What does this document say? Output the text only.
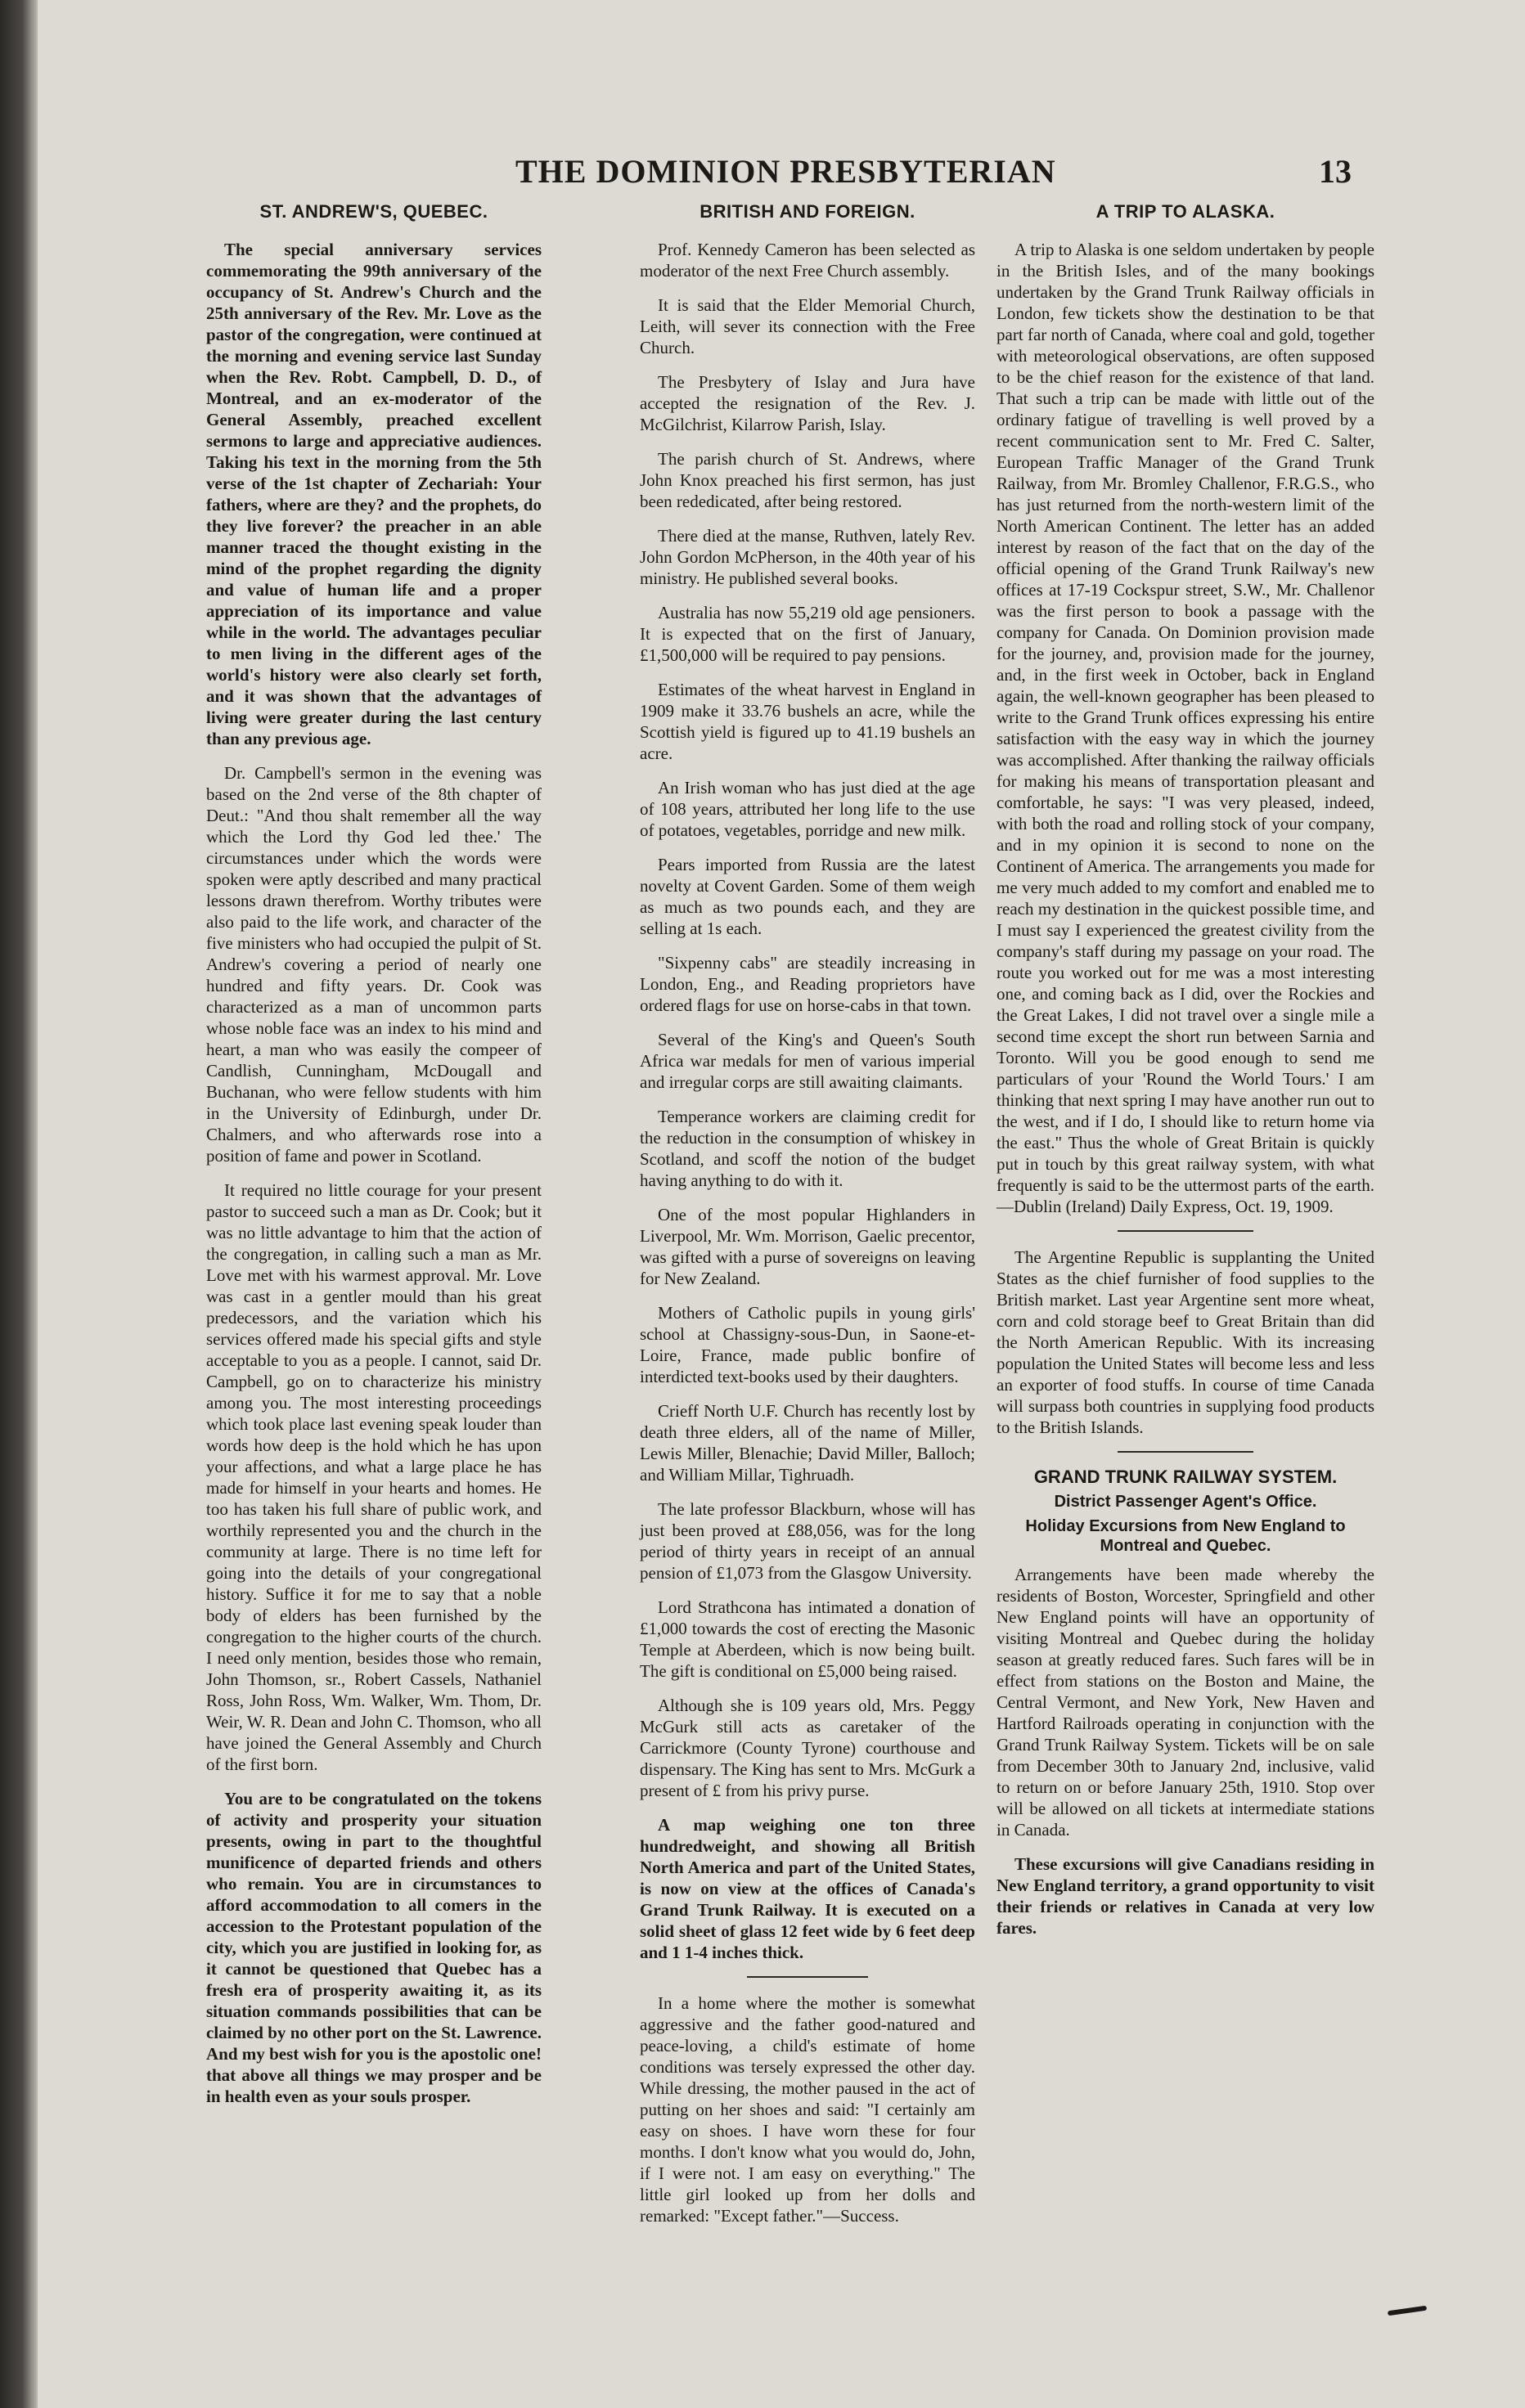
THE DOMINION PRESBYTERIAN	13
ST. ANDREW'S, QUEBEC.

The special anniversary services commemorating the 99th anniversary of the occupancy of St. Andrew's Church and the 25th anniversary of the Rev. Mr. Love as the pastor of the congregation, were continued at the morning and evening service last Sunday when the Rev. Robt. Campbell, D. D., of Montreal, and an ex-moderator of the General Assembly, preached excellent sermons to large and appreciative audiences. Taking his text in the morning from the 5th verse of the 1st chapter of Zechariah: Your fathers, where are they? and the prophets, do they live forever? the preacher in an able manner traced the thought existing in the mind of the prophet regarding the dignity and value of human life and a proper appreciation of its importance and value while in the world. The advantages peculiar to men living in the different ages of the world's history were also clearly set forth, and it was shown that the advantages of living were greater during the last century than any previous age.

Dr. Campbell's sermon in the evening was based on the 2nd verse of the 8th chapter of Deut.: "And thou shalt remember all the way which the Lord thy God led thee.' The circumstances under which the words were spoken were aptly described and many practical lessons drawn therefrom. Worthy tributes were also paid to the life work, and character of the five ministers who had occupied the pulpit of St. Andrew's covering a period of nearly one hundred and fifty years. Dr. Cook was characterized as a man of uncommon parts whose noble face was an index to his mind and heart, a man who was easily the compeer of Candlish, Cunningham, McDougall and Buchanan, who were fellow students with him in the University of Edinburgh, under Dr. Chalmers, and who afterwards rose into a position of fame and power in Scotland.

It required no little courage for your present pastor to succeed such a man as Dr. Cook; but it was no little advantage to him that the action of the congregation, in calling such a man as Mr. Love met with his warmest approval. Mr. Love was cast in a gentler mould than his great predecessors, and the variation which his services offered made his special gifts and style acceptable to you as a people. I cannot, said Dr. Campbell, go on to characterize his ministry among you. The most interesting proceedings which took place last evening speak louder than words how deep is the hold which he has upon your affections, and what a large place he has made for himself in your hearts and homes. He too has taken his full share of public work, and worthily represented you and the church in the community at large. There is no time left for going into the details of your congregational history. Suffice it for me to say that a noble body of elders has been furnished by the congregation to the higher courts of the church. I need only mention, besides those who remain, John Thomson, sr., Robert Cassels, Nathaniel Ross, John Ross, Wm. Walker, Wm. Thom, Dr. Weir, W. R. Dean and John C. Thomson, who all have joined the General Assembly and Church of the first born.

You are to be congratulated on the tokens of activity and prosperity your situation presents, owing in part to the thoughtful munificence of departed friends and others who remain. You are in circumstances to afford accommodation to all comers in the accession to the Protestant population of the city, which you are justified in looking for, as it cannot be questioned that Quebec has a fresh era of prosperity awaiting it, as its situation commands possibilities that can be claimed by no other port on the St. Lawrence. And my best wish for you is the apostolic one! that above all things we may prosper and be in health even as your souls prosper.

BRITISH AND FOREIGN.

Prof. Kennedy Cameron has been selected as moderator of the next Free Church assembly.

It is said that the Elder Memorial Church, Leith, will sever its connection with the Free Church.

The Presbytery of Islay and Jura have accepted the resignation of the Rev. J. McGilchrist, Kilarrow Parish, Islay.

The parish church of St. Andrews, where John Knox preached his first sermon, has just been rededicated, after being restored.

There died at the manse, Ruthven, lately Rev. John Gordon McPherson, in the 40th year of his ministry. He published several books.

Australia has now 55,219 old age pensioners. It is expected that on the first of January, £1,500,000 will be required to pay pensions.

Estimates of the wheat harvest in England in 1909 make it 33.76 bushels an acre, while the Scottish yield is figured up to 41.19 bushels an acre.

An Irish woman who has just died at the age of 108 years, attributed her long life to the use of potatoes, vegetables, porridge and new milk.

Pears imported from Russia are the latest novelty at Covent Garden. Some of them weigh as much as two pounds each, and they are selling at 1s each.

"Sixpenny cabs" are steadily increasing in London, Eng., and Reading proprietors have ordered flags for use on horse-cabs in that town.

Several of the King's and Queen's South Africa war medals for men of various imperial and irregular corps are still awaiting claimants.

Temperance workers are claiming credit for the reduction in the consumption of whiskey in Scotland, and scoff the notion of the budget having anything to do with it.

One of the most popular Highlanders in Liverpool, Mr. Wm. Morrison, Gaelic precentor, was gifted with a purse of sovereigns on leaving for New Zealand.

Mothers of Catholic pupils in young girls' school at Chassigny-sous-Dun, in Saone-et-Loire, France, made public bonfire of interdicted text-books used by their daughters.

Crieff North U.F. Church has recently lost by death three elders, all of the name of Miller, Lewis Miller, Blenachie; David Miller, Balloch; and William Millar, Tighruadh.

The late professor Blackburn, whose will has just been proved at £88,056, was for the long period of thirty years in receipt of an annual pension of £1,073 from the Glasgow University.

Lord Strathcona has intimated a donation of £1,000 towards the cost of erecting the Masonic Temple at Aberdeen, which is now being built. The gift is conditional on £5,000 being raised.

Although she is 109 years old, Mrs. Peggy McGurk still acts as caretaker of the Carrickmore (County Tyrone) courthouse and dispensary. The King has sent to Mrs. McGurk a present of £ from his privy purse.

A map weighing one ton three hundredweight, and showing all British North America and part of the United States, is now on view at the offices of Canada's Grand Trunk Railway. It is executed on a solid sheet of glass 12 feet wide by 6 feet deep and 1 1-4 inches thick.

In a home where the mother is somewhat aggressive and the father good-natured and peace-loving, a child's estimate of home conditions was tersely expressed the other day. While dressing, the mother paused in the act of putting on her shoes and said: "I certainly am easy on shoes. I have worn these for four months. I don't know what you would do, John, if I were not. I am easy on everything." The little girl looked up from her dolls and remarked: "Except father."—Success.

A TRIP TO ALASKA.

A trip to Alaska is one seldom undertaken by people in the British Isles, and of the many bookings undertaken by the Grand Trunk Railway officials in London, few tickets show the destination to be that part far north of Canada, where coal and gold, together with meteorological observations, are often supposed to be the chief reason for the existence of that land. That such a trip can be made with little out of the ordinary fatigue of travelling is well proved by a recent communication sent to Mr. Fred C. Salter, European Traffic Manager of the Grand Trunk Railway, from Mr. Bromley Challenor, F.R.G.S., who has just returned from the north-western limit of the North American Continent. The letter has an added interest by reason of the fact that on the day of the official opening of the Grand Trunk Railway's new offices at 17-19 Cockspur street, S.W., Mr. Challenor was the first person to book a passage with the company for Canada. On Dominion provision made for the journey, and, provision made for the journey, and, in the first week in October, back in England again, the well-known geographer has been pleased to write to the Grand Trunk offices expressing his entire satisfaction with the easy way in which the journey was accomplished. After thanking the railway officials for making his means of transportation pleasant and comfortable, he says: "I was very pleased, indeed, with both the road and rolling stock of your company, and in my opinion it is second to none on the Continent of America. The arrangements you made for me very much added to my comfort and enabled me to reach my destination in the quickest possible time, and I must say I experienced the greatest civility from the company's staff during my passage on your road. The route you worked out for me was a most interesting one, and coming back as I did, over the Rockies and the Great Lakes, I did not travel over a single mile a second time except the short run between Sarnia and Toronto. Will you be good enough to send me particulars of your 'Round the World Tours.' I am thinking that next spring I may have another run out to the west, and if I do, I should like to return home via the east." Thus the whole of Great Britain is quickly put in touch by this great railway system, with what frequently is said to be the uttermost parts of the earth.—Dublin (Ireland) Daily Express, Oct. 19, 1909.

The Argentine Republic is supplanting the United States as the chief furnisher of food supplies to the British market. Last year Argentine sent more wheat, corn and cold storage beef to Great Britain than did the North American Republic. With its increasing population the United States will become less and less an exporter of food stuffs. In course of time Canada will surpass both countries in supplying food products to the British Islands.

GRAND TRUNK RAILWAY SYSTEM.
District Passenger Agent's Office.
Holiday Excursions from New England to Montreal and Quebec.

Arrangements have been made whereby the residents of Boston, Worcester, Springfield and other New England points will have an opportunity of visiting Montreal and Quebec during the holiday season at greatly reduced fares. Such fares will be in effect from stations on the Boston and Maine, the Central Vermont, and New York, New Haven and Hartford Railroads operating in conjunction with the Grand Trunk Railway System. Tickets will be on sale from December 30th to January 2nd, inclusive, valid to return on or before January 25th, 1910. Stop over will be allowed on all tickets at intermediate stations in Canada.

These excursions will give Canadians residing in New England territory, a grand opportunity to visit their friends or relatives in Canada at very low fares.
